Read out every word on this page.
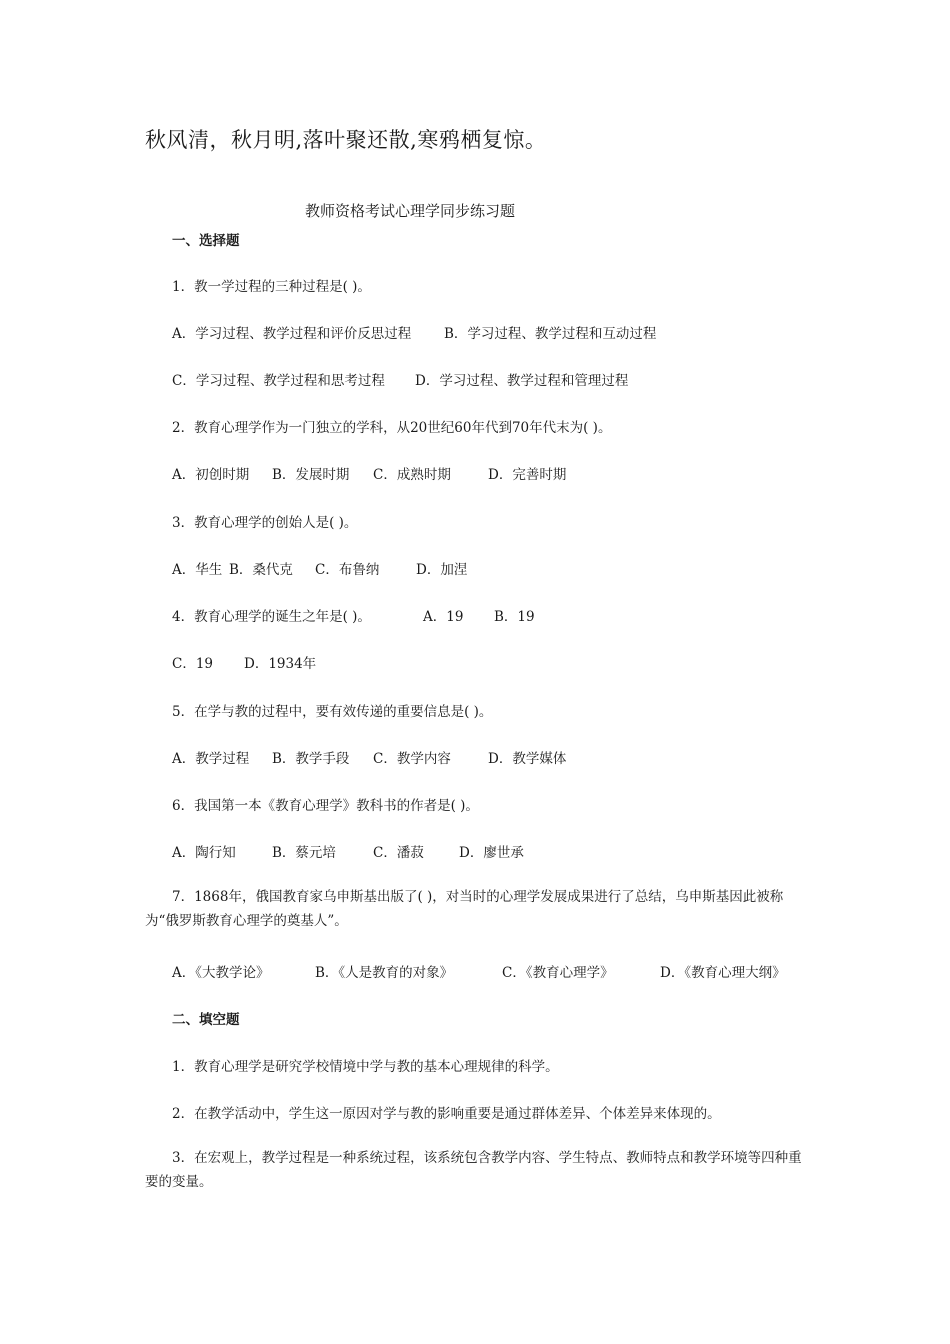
秋风清，秋月明,落叶聚还散,寒鸦栖复惊。
教师资格考试心理学同步练习题
一、选择题
1．教一学过程的三种过程是( )。
A．学习过程、教学过程和评价反思过程 B．学习过程、教学过程和互动过程
C．学习过程、教学过程和思考过程 D．学习过程、教学过程和管理过程
2．教育心理学作为一门独立的学科，从20世纪60年代到70年代末为( )。
A．初创时期 B．发展时期 C．成熟时期	D．完善时期
3．教育心理学的创始人是( )。
A．华生 B．桑代克 C．布鲁纳	D．加涅
4．教育心理学的诞生之年是( )。	A．19 B．19
C．19 D．1934年
5．在学与教的过程中，要有效传递的重要信息是( )。
A．教学过程 B．教学手段 C．教学内容	D．教学媒体
6．我国第一本《教育心理学》教科书的作者是( )。
A．陶行知	B．蔡元培	C．潘菽	D．廖世承
7．1868年，俄国教育家乌申斯基出版了( )，对当时的心理学发展成果进行了总结，乌申斯基因此被称为“俄罗斯教育心理学的奠基人”。
A．《大教学论》	B．《人是教育的对象》	C．《教育心理学》	D．《教育心理大纲》
二、填空题
1．教育心理学是研究学校情境中学与教的基本心理规律的科学。
2．在教学活动中，学生这一原因对学与教的影响重要是通过群体差异、个体差异来体现的。
3．在宏观上，教学过程是一种系统过程，该系统包含教学内容、学生特点、教师特点和教学环境等四种重要的变量。
